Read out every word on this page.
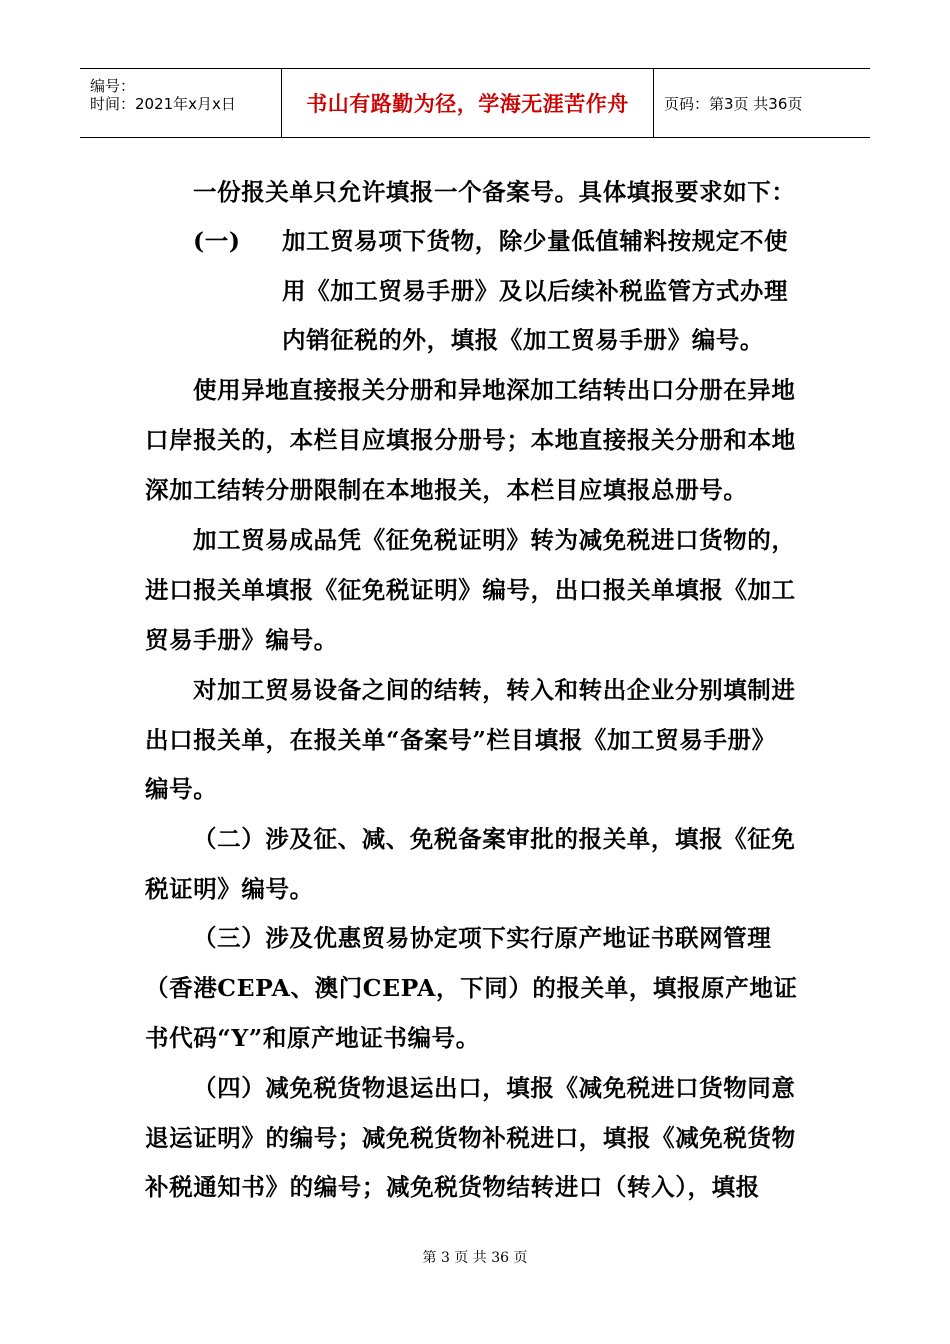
编号：
时间：2021年x月x日	书山有路勤为径，学海无涯苦作舟 页码：第3页 共36页
一份报关单只允许填报一个备案号。具体填报要求如下：
(一) 加工贸易项下货物，除少量低值辅料按规定不使
用《加工贸易手册》及以后续补税监管方式办理
内销征税的外，填报《加工贸易手册》编号。
使用异地直接报关分册和异地深加工结转出口分册在异地
口岸报关的，本栏目应填报分册号；本地直接报关分册和本地
深加工结转分册限制在本地报关，本栏目应填报总册号。
加工贸易成品凭《征免税证明》转为减免税进口货物的，
进口报关单填报《征免税证明》编号，出口报关单填报《加工
贸易手册》编号。
对加工贸易设备之间的结转，转入和转出企业分别填制进
出口报关单，在报关单“备案号”栏目填报《加工贸易手册》
编号。
（二）涉及征、减、免税备案审批的报关单，填报《征免
税证明》编号。
（三）涉及优惠贸易协定项下实行原产地证书联网管理
（香港CEPA、澳门CEPA，下同）的报关单，填报原产地证
书代码“Y”和原产地证书编号。
（四）减免税货物退运出口，填报《减免税进口货物同意
退运证明》的编号；减免税货物补税进口，填报《减免税货物
补税通知书》的编号；减免税货物结转进口（转入），填报
第 3 页 共 36 页
